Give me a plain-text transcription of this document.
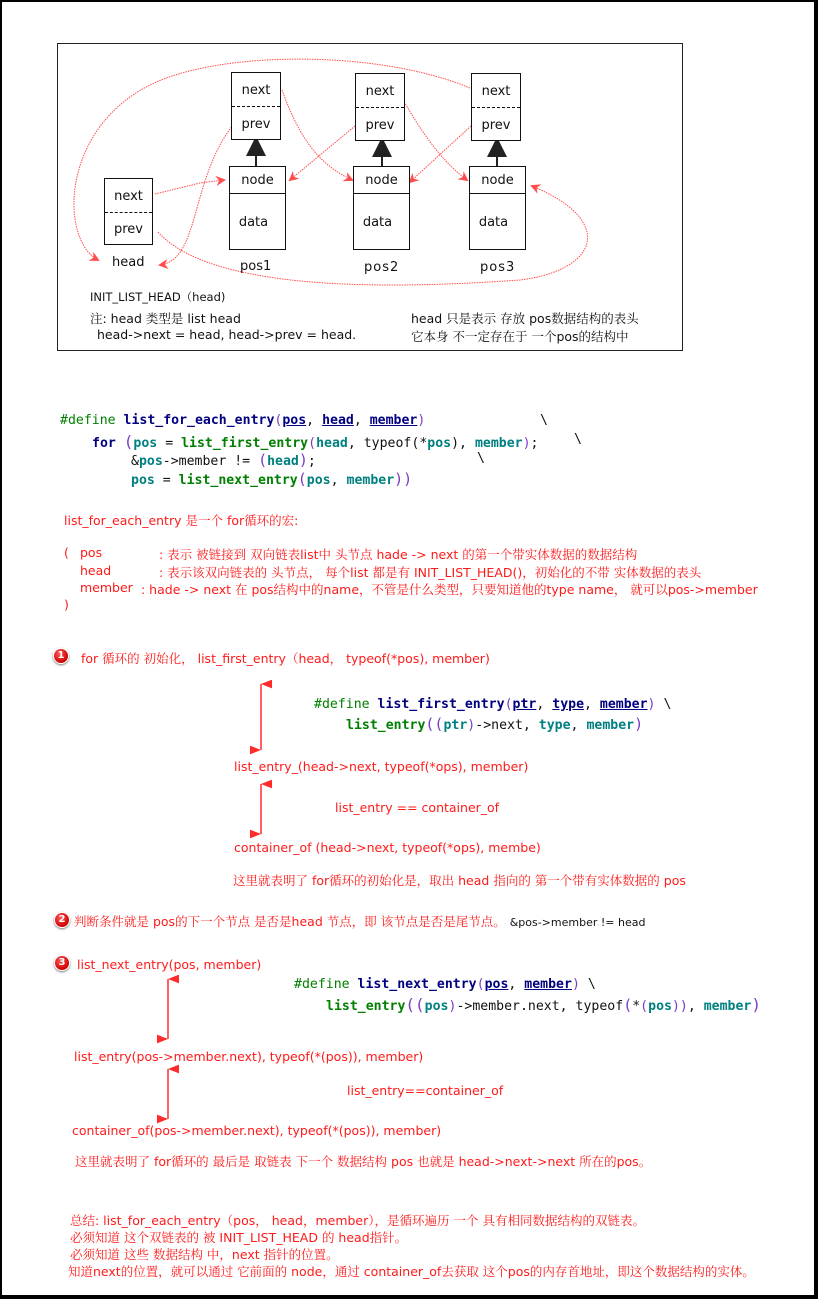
next
prev
head
next
prev
node
data
pos1
next
prev
node
data
pos2
next
prev
node
data
pos3
INIT_LIST_HEAD（head)
注: head 类型是 list head
head->next = head, head->prev = head.
head 只是表示 存放 pos数据结构的表头
它本身 不一定存在于 一个pos的结构中
#define list_for_each_entry(pos, head, member)	\
for (pos = list_first_entry(head, typeof(*pos), member);	\
&pos->member != (head);	\
pos = list_next_entry(pos, member))
list_for_each_entry 是一个 for循环的宏:
( pos	: 表示 被链接到 双向链表list中 头节点 hade -> next 的第一个带实体数据的数据结构
head	: 表示该双向链表的 头节点， 每个list 都是有 INIT_LIST_HEAD()，初始化的不带 实体数据的表头
member : hade -> next 在 pos结构中的name，不管是什么类型，只要知道他的type name， 就可以pos->member
)
1	for 循环的 初始化， list_first_entry（head， typeof(*pos), member)
#define list_first_entry(ptr, type, member) \
list_entry((ptr)->next, type, member)
list_entry_(head->next, typeof(*ops), member)
list_entry == container_of
container_of (head->next, typeof(*ops), membe)
这里就表明了 for循环的初始化是，取出 head 指向的 第一个带有实体数据的 pos
2 判断条件就是 pos的下一个节点 是否是head 节点，即 该节点是否是尾节点。 &pos->member != head
3 list_next_entry(pos, member)
#define list_next_entry(pos, member) \
list_entry((pos)->member.next, typeof(*(pos)), member)
list_entry(pos->member.next), typeof(*(pos)), member)
list_entry==container_of
container_of(pos->member.next), typeof(*(pos)), member)
这里就表明了 for循环的 最后是 取链表 下一个 数据结构 pos 也就是 head->next->next 所在的pos。
总结: list_for_each_entry（pos， head，member），是循环遍历 一个 具有相同数据结构的双链表。
必须知道 这个双链表的 被 INIT_LIST_HEAD 的 head指针。
必须知道 这些 数据结构 中，next 指针的位置。
知道next的位置，就可以通过 它前面的 node，通过 container_of去获取 这个pos的内存首地址，即这个数据结构的实体。
